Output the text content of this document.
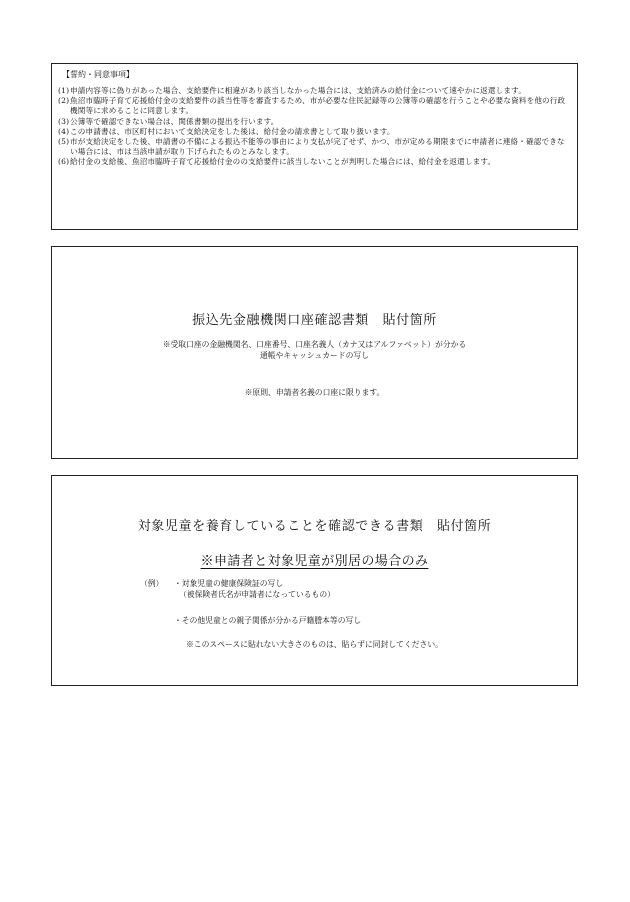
【誓約・同意事項】
(1) 申請内容等に偽りがあった場合、支給要件に相違があり該当しなかった場合には、支給済みの給付金について速やかに返還します。
(2) 魚沼市臨時子育て応援給付金の支給要件の該当性等を審査するため、市が必要な住民記録等の公簿等の確認を行うことや必要な資料を他の行政機関等に求めることに同意します。
(3) 公簿等で確認できない場合は、関係書類の提出を行います。
(4) この申請書は、市区町村において支給決定をした後は、給付金の請求書として取り扱います。
(5) 市が支給決定をした後、申請書の不備による振込不能等の事由により支払が完了せず、かつ、市が定める期限までに申請者に連絡・確認できない場合には、市は当該申請が取り下げられたものとみなします。
(6) 給付金の支給後、魚沼市臨時子育て応援給付金のの支給要件に該当しないことが判明した場合には、給付金を返還します。
振込先金融機関口座確認書類　貼付箇所
※受取口座の金融機関名、口座番号、口座名義人（カナ又はアルファベット）が分かる
通帳やキャッシュカードの写し
※原則、申請者名義の口座に限ります。
対象児童を養育していることを確認できる書類　貼付箇所
※申請者と対象児童が別居の場合のみ
（例） ・対象児童の健康保険証の写し
（被保険者氏名が申請者になっているもの）
・その他児童との親子関係が分かる戸籍謄本等の写し
※このスペースに貼れない大きさのものは、貼らずに同封してください。
